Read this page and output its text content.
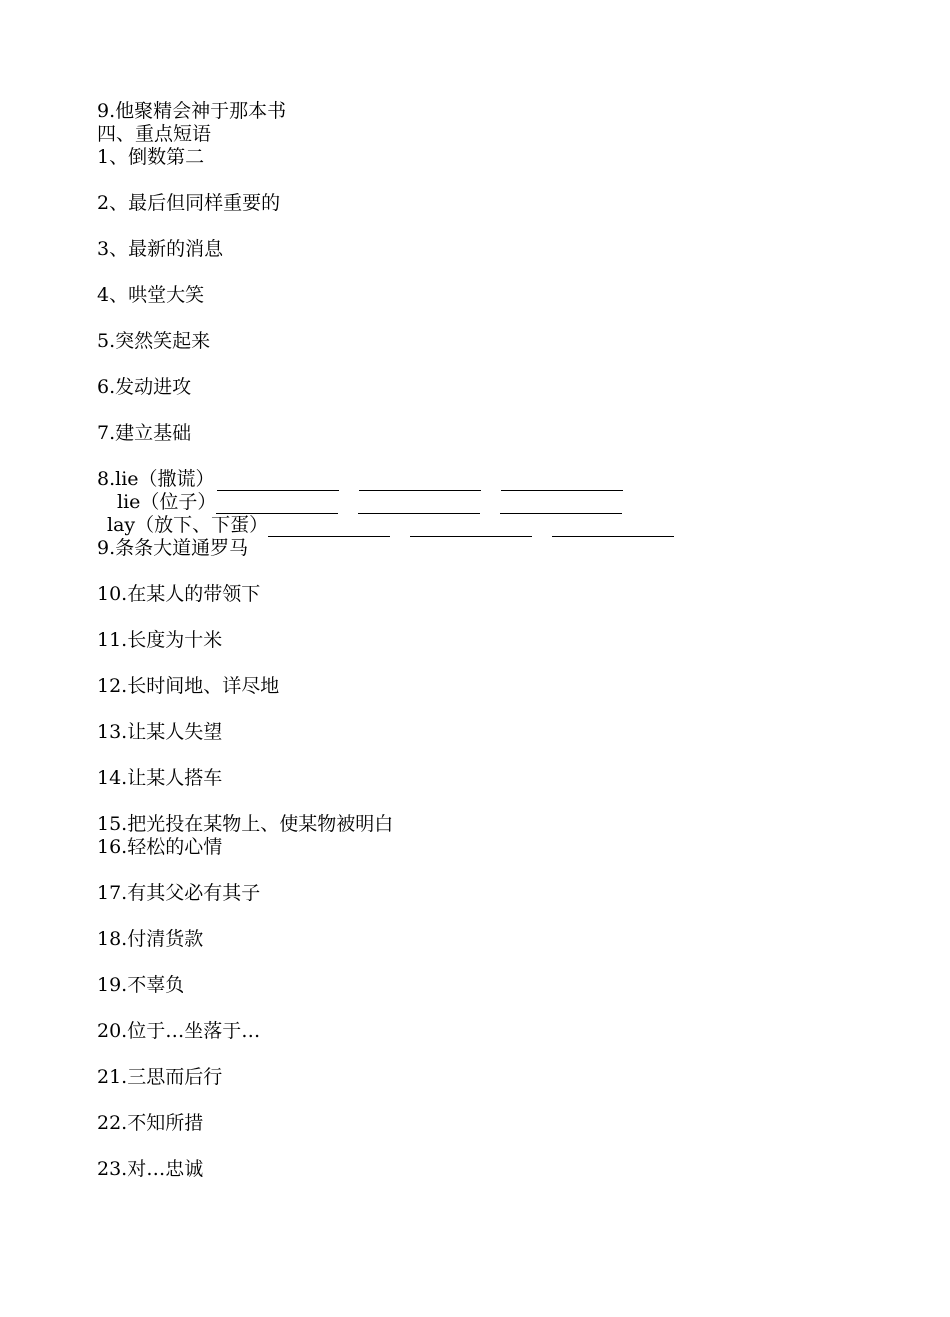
9.他聚精会神于那本书
四、重点短语
1、倒数第二
2、最后但同样重要的
3、最新的消息
4、哄堂大笑
5.突然笑起来
6.发动进攻
7.建立基础
8.lie（撒谎）
lie（位子）
lay（放下、下蛋）
9.条条大道通罗马
10.在某人的带领下
11.长度为十米
12.长时间地、详尽地
13.让某人失望
14.让某人搭车
15.把光投在某物上、使某物被明白
16.轻松的心情
17.有其父必有其子
18.付清货款
19.不辜负
20.位于…坐落于…
21.三思而后行
22.不知所措
23.对…忠诚
